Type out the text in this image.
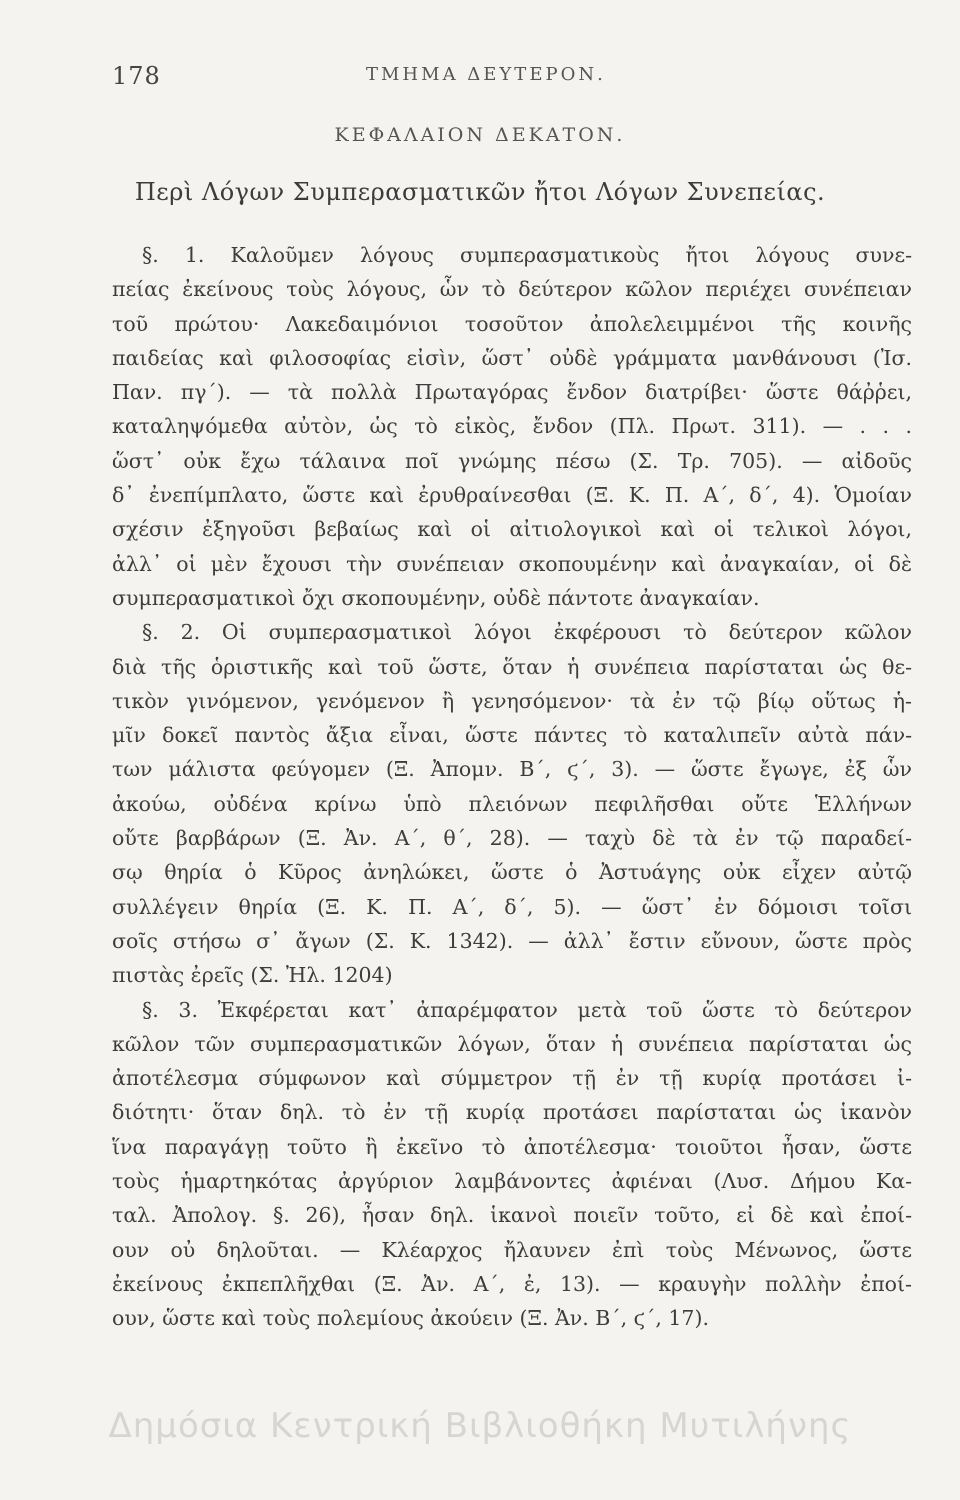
178	ΤΜΗΜΑ ΔΕΥΤΕΡΟΝ.
ΚΕΦΑΛΑΙΟΝ ΔΕΚΑΤΟΝ.
Περὶ Λόγων Συμπερασματικῶν ἤτοι Λόγων Συνεπείας.
§. 1. Καλοῦμεν λόγους συμπερασματικοὺς ἤτοι λόγους συνε-
πείας ἐκείνους τοὺς λόγους, ὧν τὸ δεύτερον κῶλον περιέχει συνέπειαν
τοῦ πρώτου· Λακεδαιμόνιοι τοσοῦτον ἀπολελειμμένοι τῆς κοινῆς
παιδείας καὶ φιλοσοφίας εἰσὶν, ὥστ᾽ οὐδὲ γράμματα μανθάνουσι (Ἰσ.
Παν. πγ΄). — τὰ πολλὰ Πρωταγόρας ἔνδον διατρίβει· ὥστε θάῤῥει,
καταληψόμεθα αὐτὸν, ὡς τὸ εἰκὸς, ἔνδον (Πλ. Πρωτ. 311). — . . .
ὥστ᾽ οὐκ ἔχω τάλαινα ποῖ γνώμης πέσω (Σ. Τρ. 705). — αἰδοῦς
δ᾽ ἐνεπίμπλατο, ὥστε καὶ ἐρυθραίνεσθαι (Ξ. Κ. Π. Α΄, δ΄, 4). Ὁμοίαν
σχέσιν ἐξηγοῦσι βεβαίως καὶ οἱ αἰτιολογικοὶ καὶ οἱ τελικοὶ λόγοι,
ἀλλ᾽ οἱ μὲν ἔχουσι τὴν συνέπειαν σκοπουμένην καὶ ἀναγκαίαν, οἱ δὲ
συμπερασματικοὶ ὄχι σκοπουμένην, οὐδὲ πάντοτε ἀναγκαίαν.
§. 2. Οἱ συμπερασματικοὶ λόγοι ἐκφέρουσι τὸ δεύτερον κῶλον
διὰ τῆς ὁριστικῆς καὶ τοῦ ὥστε, ὅταν ἡ συνέπεια παρίσταται ὡς θε-
τικὸν γινόμενον, γενόμενον ἢ γενησόμενον· τὰ ἐν τῷ βίῳ οὕτως ἡ-
μῖν δοκεῖ παντὸς ἄξια εἶναι, ὥστε πάντες τὸ καταλιπεῖν αὐτὰ πάν-
των μάλιστα φεύγομεν (Ξ. Ἀπομν. Β΄, ϛ΄, 3). — ὥστε ἔγωγε, ἐξ ὧν
ἀκούω, οὐδένα κρίνω ὑπὸ πλειόνων πεφιλῆσθαι οὔτε Ἑλλήνων
οὔτε βαρβάρων (Ξ. Ἀν. Α΄, θ΄, 28). — ταχὺ δὲ τὰ ἐν τῷ παραδεί-
σῳ θηρία ὁ Κῦρος ἀνηλώκει, ὥστε ὁ Ἀστυάγης οὐκ εἶχεν αὐτῷ
συλλέγειν θηρία (Ξ. Κ. Π. Α΄, δ΄, 5). — ὥστ᾽ ἐν δόμοισι τοῖσι
σοῖς στήσω σ᾽ ἄγων (Σ. Κ. 1342). — ἀλλ᾽ ἔστιν εὔνουν, ὥστε πρὸς
πιστὰς ἐρεῖς (Σ. Ἠλ. 1204)
§. 3. Ἐκφέρεται κατ᾽ ἀπαρέμφατον μετὰ τοῦ ὥστε τὸ δεύτερον
κῶλον τῶν συμπερασματικῶν λόγων, ὅταν ἡ συνέπεια παρίσταται ὡς
ἀποτέλεσμα σύμφωνον καὶ σύμμετρον τῇ ἐν τῇ κυρίᾳ προτάσει ἰ-
διότητι· ὅταν δηλ. τὸ ἐν τῇ κυρίᾳ προτάσει παρίσταται ὡς ἱκανὸν
ἵνα παραγάγῃ τοῦτο ἢ ἐκεῖνο τὸ ἀποτέλεσμα· τοιοῦτοι ἦσαν, ὥστε
τοὺς ἡμαρτηκότας ἀργύριον λαμβάνοντες ἀφιέναι (Λυσ. Δήμου Κα-
ταλ. Ἀπολογ. §. 26), ἦσαν δηλ. ἱκανοὶ ποιεῖν τοῦτο, εἰ δὲ καὶ ἐποί-
ουν οὐ δηλοῦται. — Κλέαρχος ἤλαυνεν ἐπὶ τοὺς Μένωνος, ὥστε
ἐκείνους ἐκπεπλῆχθαι (Ξ. Ἀν. Α΄, ἐ, 13). — κραυγὴν πολλὴν ἐποί-
ουν, ὥστε καὶ τοὺς πολεμίους ἀκούειν (Ξ. Ἀν. Β΄, ϛ΄, 17).
Δημόσια Κεντρική Βιβλιοθήκη Μυτιλήνης
